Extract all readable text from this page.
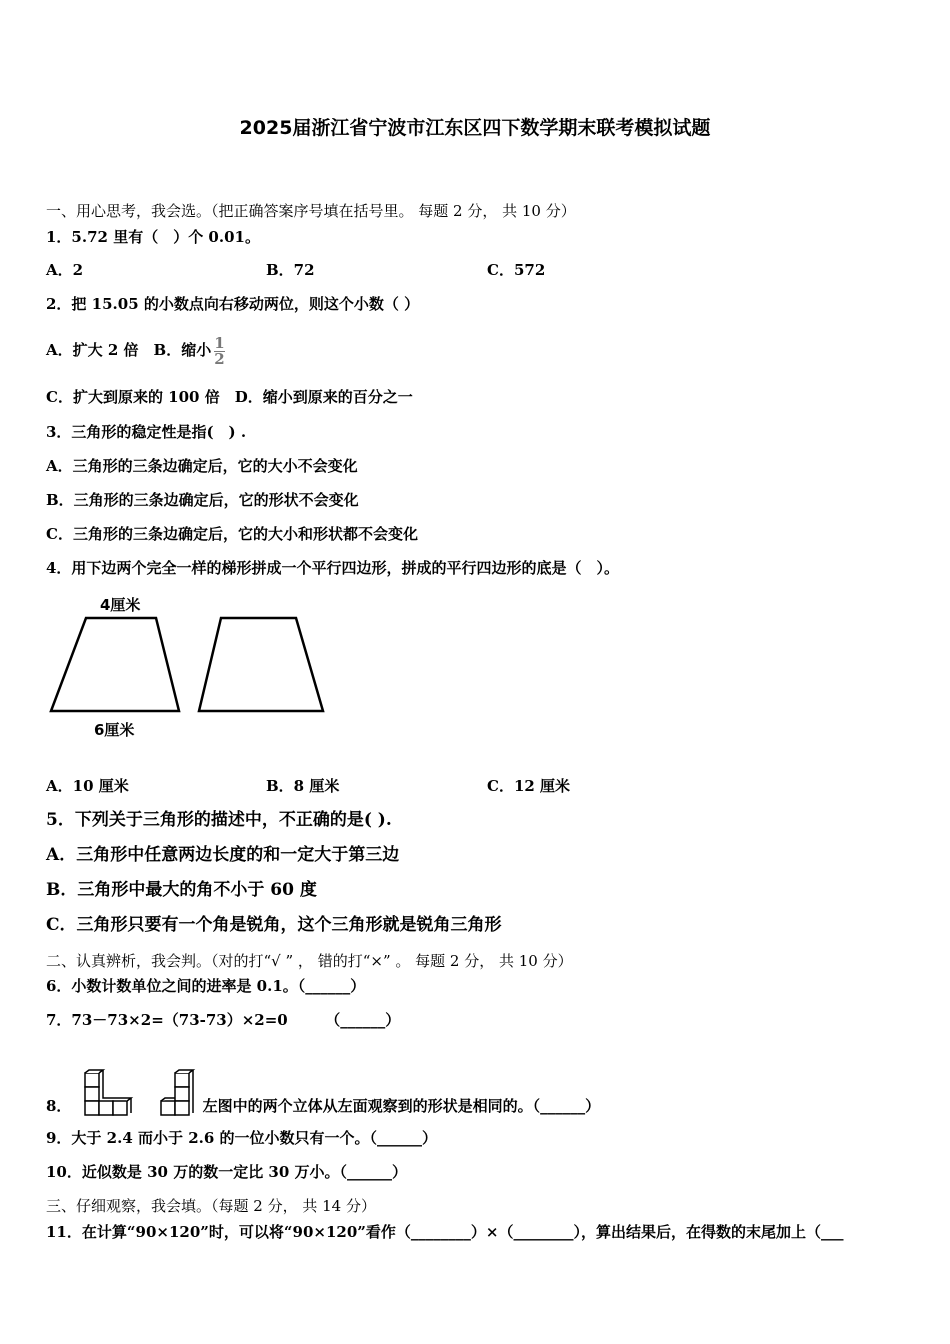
2025届浙江省宁波市江东区四下数学期末联考模拟试题
一、用心思考，我会选。（把正确答案序号填在括号里。 每题 2 分， 共 10 分）
1．5.72 里有（　）个 0.01。
A．2	B．72	C．572
2．把 15.05 的小数点向右移动两位，则这个小数（ ）
A．扩大 2 倍　B．缩小 $\frac{1}{2}$
C．扩大到原来的 100 倍　D．缩小到原来的百分之一
3．三角形的稳定性是指(　) .
A．三角形的三条边确定后，它的大小不会变化
B．三角形的三条边确定后，它的形状不会变化
C．三角形的三条边确定后，它的大小和形状都不会变化
4．用下边两个完全一样的梯形拼成一个平行四边形，拼成的平行四边形的底是（　）。
4厘米
6厘米
A．10 厘米	B．8 厘米	C．12 厘米
5．下列关于三角形的描述中，不正确的是( ).
A．三角形中任意两边长度的和一定大于第三边
B．三角形中最大的角不小于 60 度
C．三角形只要有一个角是锐角，这个三角形就是锐角三角形
二、认真辨析，我会判。（对的打“√ ” ， 错的打“×” 。 每题 2 分， 共 10 分）
6．小数计数单位之间的进率是 0.1。（______）
7．73－73×2=（73-73）×2=0　　　（______）
8．	左图中的两个立体从左面观察到的形状是相同的。（______）
9．大于 2.4 而小于 2.6 的一位小数只有一个。（______）
10．近似数是 30 万的数一定比 30 万小。（______）
三、仔细观察，我会填。（每题 2 分， 共 14 分）
11．在计算“90×120”时，可以将“90×120”看作（________）×（________），算出结果后，在得数的末尾加上（___
